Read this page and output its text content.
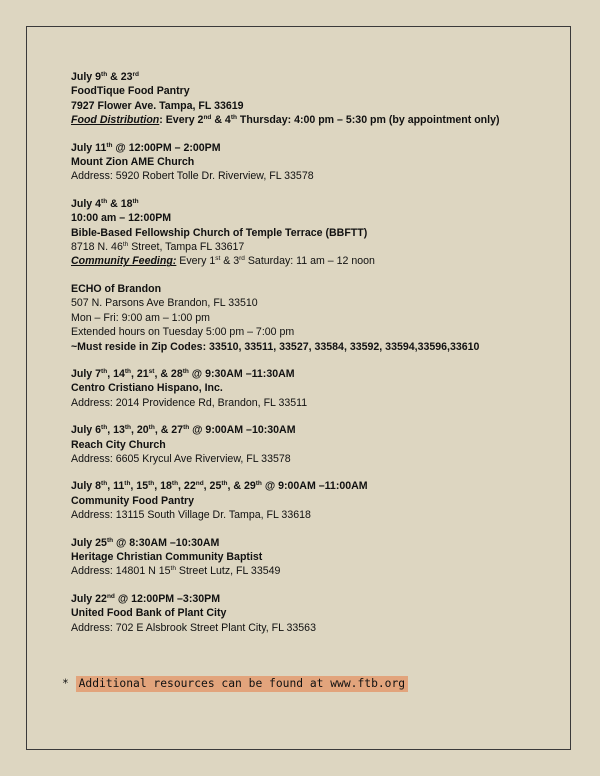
July 9th & 23rd
FoodTique Food Pantry
7927 Flower Ave. Tampa, FL 33619
Food Distribution: Every 2nd & 4th Thursday: 4:00 pm – 5:30 pm (by appointment only)
July 11th @ 12:00PM – 2:00PM
Mount Zion AME Church
Address: 5920 Robert Tolle Dr. Riverview, FL 33578
July 4th & 18th
10:00 am – 12:00PM
Bible-Based Fellowship Church of Temple Terrace (BBFTT)
8718 N. 46th Street, Tampa FL 33617
Community Feeding: Every 1st & 3rd Saturday: 11 am – 12 noon
ECHO of Brandon
507 N. Parsons Ave Brandon, FL 33510
Mon – Fri: 9:00 am – 1:00 pm
Extended hours on Tuesday 5:00 pm – 7:00 pm
~Must reside in Zip Codes: 33510, 33511, 33527, 33584, 33592, 33594,33596,33610
July 7th, 14th, 21st, & 28th @ 9:30AM –11:30AM
Centro Cristiano Hispano, Inc.
Address: 2014 Providence Rd, Brandon, FL 33511
July 6th, 13th, 20th, & 27th @ 9:00AM –10:30AM
Reach City Church
Address: 6605 Krycul Ave Riverview, FL 33578
July 8th, 11th, 15th, 18th, 22nd, 25th, & 29th @ 9:00AM –11:00AM
Community Food Pantry
Address: 13115 South Village Dr. Tampa, FL 33618
July 25th @ 8:30AM –10:30AM
Heritage Christian Community Baptist
Address: 14801 N 15th Street Lutz, FL 33549
July 22nd @ 12:00PM –3:30PM
United Food Bank of Plant City
Address: 702 E Alsbrook Street Plant City, FL 33563
* Additional resources can be found at www.ftb.org
